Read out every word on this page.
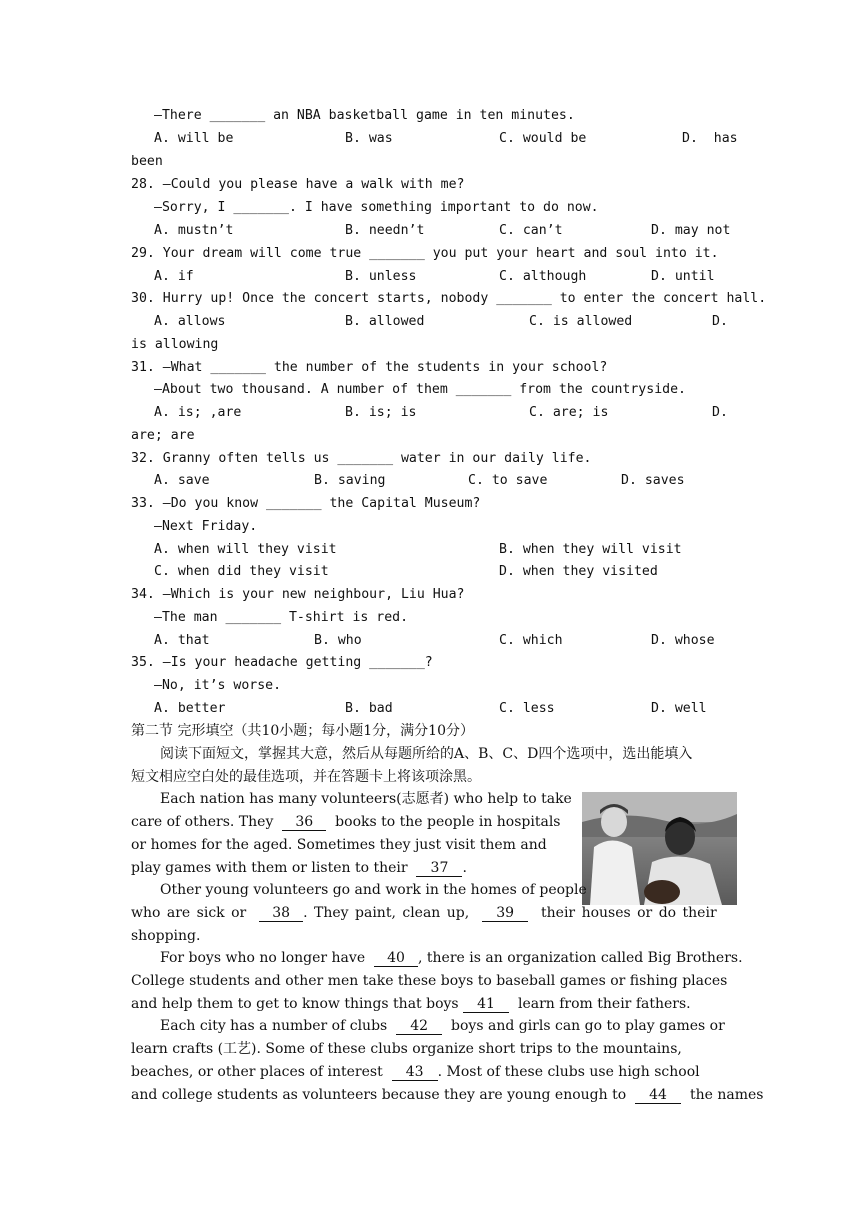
—There _______ an NBA basketball game in ten minutes.
A. will be	B. was	C. would be	D.  has
been
28. —Could you please have a walk with me?
—Sorry, I _______. I have something important to do now.
A. mustn’t	B. needn’t	C. can’t	D. may not
29. Your dream will come true _______ you put your heart and soul into it.
A. if	B. unless	C. although	D. until
30. Hurry up! Once the concert starts, nobody _______ to enter the concert hall.
A. allows	B. allowed	C. is allowed	D.
is allowing
31. —What _______ the number of the students in your school?
—About two thousand. A number of them _______ from the countryside.
A. is; ,are	B. is; is	C. are; is	D.
are; are
32. Granny often tells us _______ water in our daily life.
A. save	B. saving	C. to save	D. saves
33. —Do you know _______ the Capital Museum?
—Next Friday.
A. when will they visit	B. when they will visit
C. when did they visit	D. when they visited
34. —Which is your new neighbour, Liu Hua?
—The man _______ T-shirt is red.
A. that	B. who	C. which	D. whose
35. —Is your headache getting _______?
—No, it’s worse.
A. better	B. bad	C. less	D. well
第二节 完形填空（共10小题；每小题1分，满分10分）
阅读下面短文，掌握其大意，然后从每题所给的A、B、C、D四个选项中，选出能填入
短文相应空白处的最佳选项，并在答题卡上将该项涂黑。
Each nation has many volunteers(志愿者) who help to take
care of others. They 36 books to the people in hospitals
or homes for the aged. Sometimes they just visit them and
play games with them or listen to their 37 .
Other young volunteers go and work in the homes of people
who are sick or 38 . They paint, clean up, 39 their houses or do their
shopping.
For boys who no longer have 40 , there is an organization called Big Brothers.
College students and other men take these boys to baseball games or fishing places
and help them to get to know things that boys 41 learn from their fathers.
Each city has a number of clubs 42 boys and girls can go to play games or
learn crafts (工艺). Some of these clubs organize short trips to the mountains,
beaches, or other places of interest 43 . Most of these clubs use high school
and college students as volunteers because they are young enough to 44 the names
